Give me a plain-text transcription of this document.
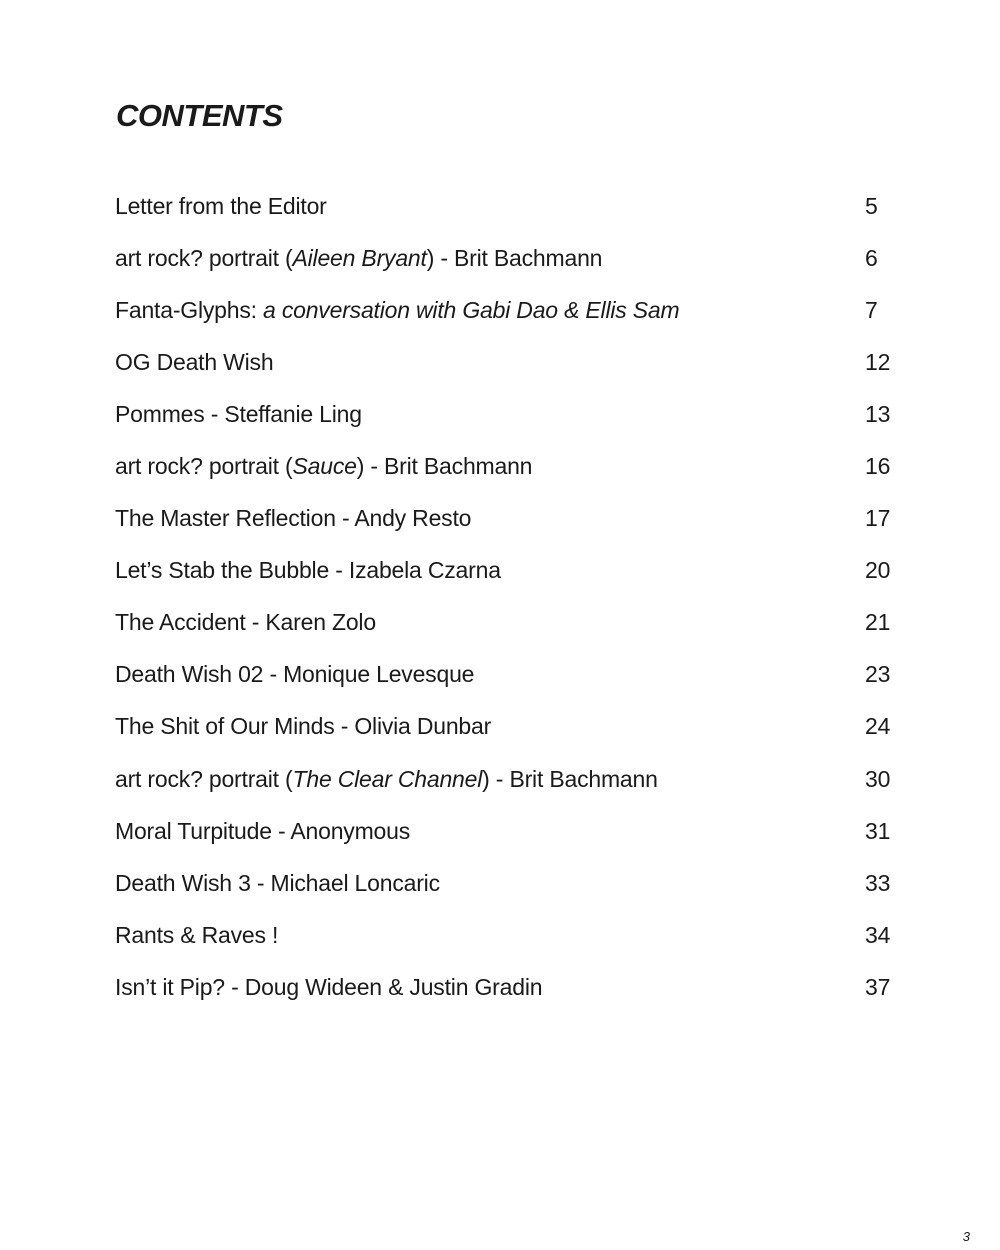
CONTENTS
Letter from the Editor	5
art rock? portrait (Aileen Bryant) - Brit Bachmann	6
Fanta-Glyphs: a conversation with Gabi Dao & Ellis Sam	7
OG Death Wish	12
Pommes - Steffanie Ling	13
art rock? portrait (Sauce) - Brit Bachmann	16
The Master Reflection - Andy Resto	17
Let’s Stab the Bubble - Izabela Czarna	20
The Accident - Karen Zolo	21
Death Wish 02 - Monique Levesque	23
The Shit of Our Minds - Olivia Dunbar	24
art rock? portrait (The Clear Channel) - Brit Bachmann	30
Moral Turpitude - Anonymous	31
Death Wish 3 - Michael Loncaric	33
Rants & Raves !	34
Isn’t it Pip? - Doug Wideen & Justin Gradin	37
3
